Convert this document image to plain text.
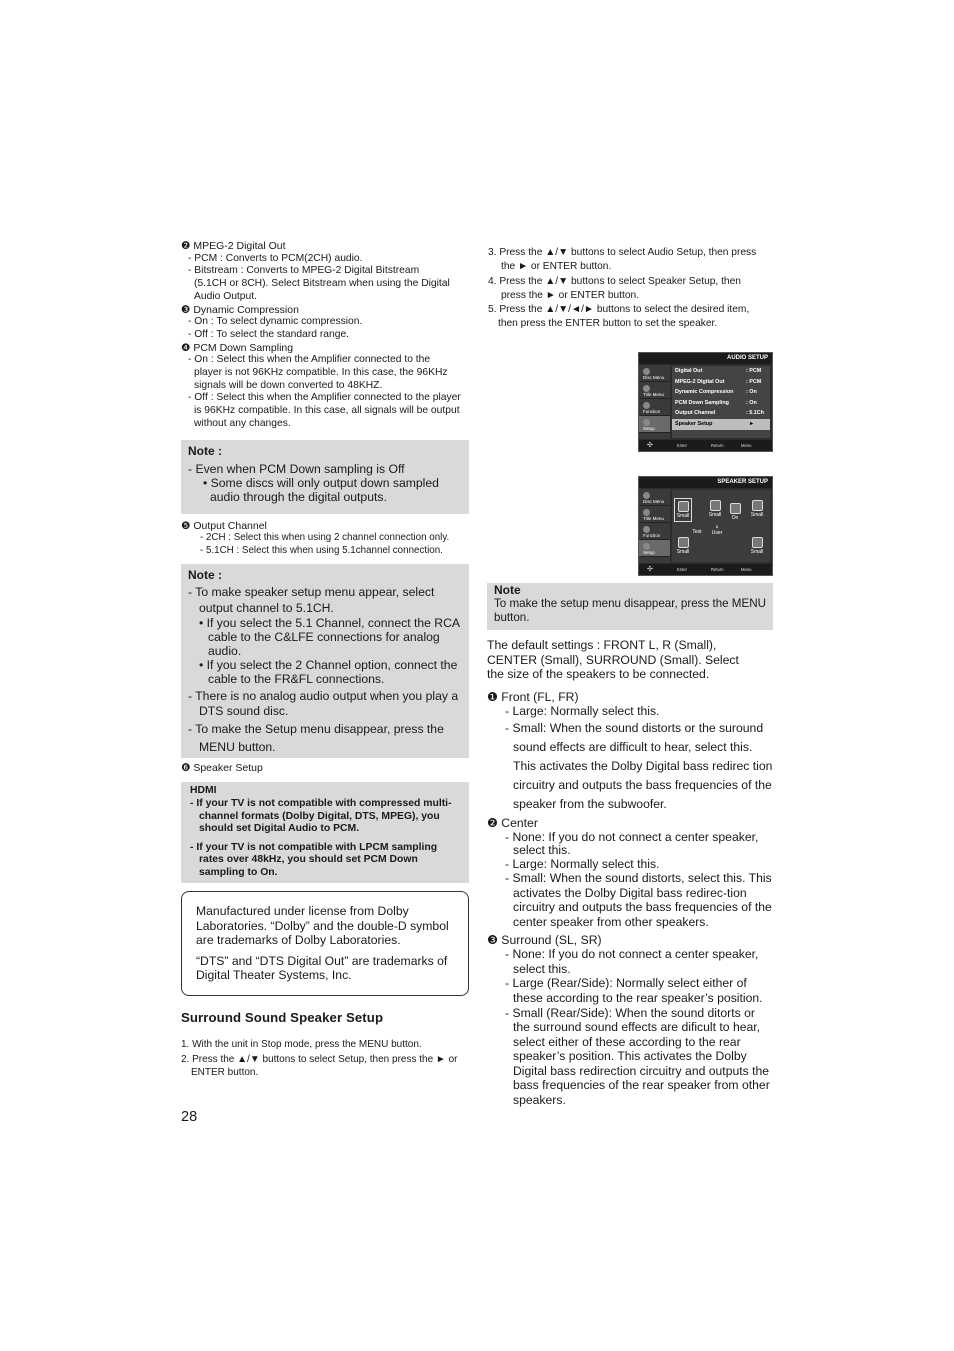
❷ MPEG-2 Digital Out

- PCM : Converts to PCM(2CH) audio.

- Bitstream : Converts to MPEG-2 Digital Bitstream (5.1CH or 8CH). Select Bitstream when using the Digital Audio Output.

❸ Dynamic Compression

- On : To select dynamic compression.

- Off : To select the standard range.

❹ PCM Down Sampling

- On : Select this when the Amplifier connected to the player is not 96KHz compatible. In this case, the 96KHz signals will be down converted to 48KHZ.

- Off : Select this when the Amplifier connected to the player is 96KHz compatible. In this case, all signals will be output without any changes.

Note :

- Even when PCM Down sampling is Off

• Some discs will only output down sampled audio through the digital outputs.

❺ Output Channel

- 2CH : Select this when using 2 channel connection only.

- 5.1CH : Select this when using 5.1channel connection.

Note :

- To make speaker setup menu appear, select output channel to 5.1CH.

• If you select the 5.1 Channel, connect the RCA cable to the C&LFE connections for analog audio.

• If you select the 2 Channel option, connect the cable to the FR&FL connections.

- There is no analog audio output when you play a DTS sound disc.

- To make the Setup menu disappear, press the MENU button.

❻ Speaker Setup

HDMI

- If your TV is not compatible with compressed multi-channel formats (Dolby Digital, DTS, MPEG), you should set Digital Audio to PCM.

- If your TV is not compatible with LPCM sampling rates over 48kHz, you should set PCM Down sampling to On.

Manufactured under license from Dolby Laboratories. “Dolby” and the double-D symbol are trademarks of Dolby Laboratories.

“DTS” and “DTS Digital Out” are trademarks of Digital Theater Systems, Inc.

Surround Sound Speaker Setup

1. With the unit in Stop mode, press the MENU button.

2. Press the ▲/▼ buttons to select Setup, then press the ► or ENTER button.

28

3. Press the ▲/▼ buttons to select Audio Setup, then press the ► or ENTER button.

4. Press the ▲/▼ buttons to select Speaker Setup, then press the ► or ENTER button.

5. Press the ▲/▼/◄/► buttons to select the desired item, then press the ENTER button to set the speaker.

AUDIO SETUP
Disc Menu
Title Menu
Function
Setup
Digital Out	: PCM
MPEG-2 Digital Out	: PCM
Dynamic Compression : On
PCM Down Sampling	: On
Output Channel	: 5.1Ch
Speaker Setup	►
✣	Enter	Return	Menu
SPEAKER SETUP
Disc Menu
Title Menu
Function
Setup
Small	Small	On	Small
Test
⍋
User
Small	Small
✣	Enter	Return	Menu

Note

To make the setup menu disappear, press the MENU button.

The default settings : FRONT L, R (Small), CENTER (Small), SURROUND (Small). Select the size of the speakers to be connected.

❶ Front (FL, FR)

- Large: Normally select this.

- Small: When the sound distorts or the suround sound effects are difficult to hear, select this. This activates the Dolby Digital bass redirec tion circuitry and outputs the bass frequencies of the speaker from the subwoofer.

❷ Center

- None: If you do not connect a center speaker, select this.

- Large: Normally select this.

- Small: When the sound distorts, select this. This activates the Dolby Digital bass redirec-tion circuitry and outputs the bass frequencies of the center speaker from other speakers.

❸ Surround (SL, SR)

- None: If you do not connect a center speaker, select this.

- Large (Rear/Side): Normally select either of these according to the rear speaker’s position.

- Small (Rear/Side): When the sound ditorts or the surround sound effects are dificult to hear, select either of these according to the rear speaker’s position. This activates the Dolby Digital bass redirection circuitry and outputs the bass frequencies of the rear speaker from other speakers.
